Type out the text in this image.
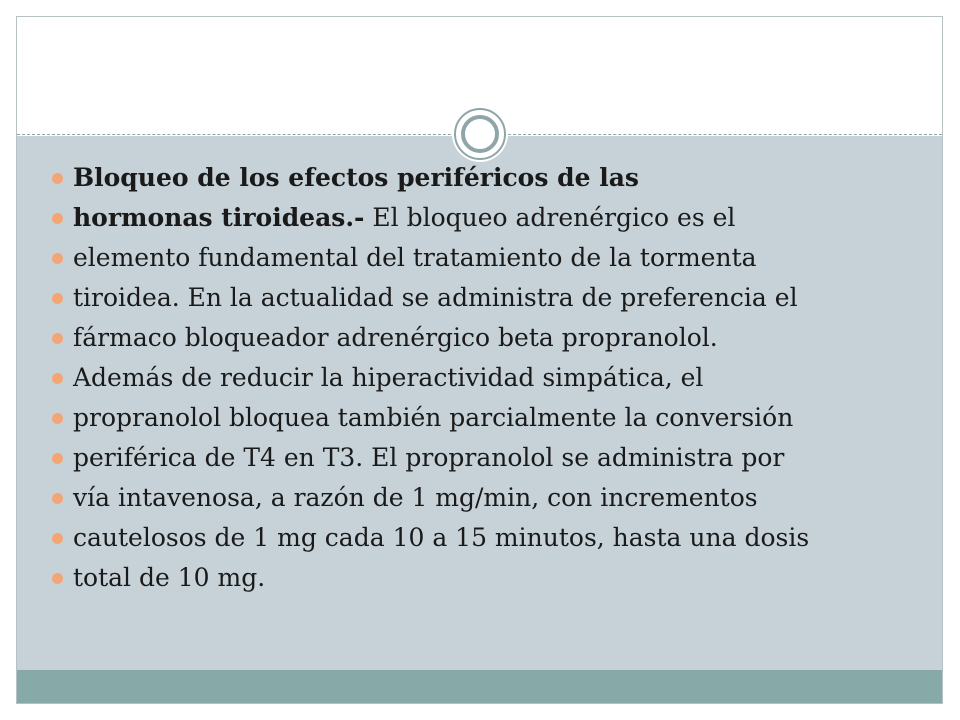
Bloqueo de los efectos periféricos de las
hormonas tiroideas.- El bloqueo adrenérgico es el
elemento fundamental del tratamiento de la tormenta
tiroidea. En la actualidad se administra de preferencia el
fármaco bloqueador adrenérgico beta propranolol.
Además de reducir la hiperactividad simpática, el
propranolol bloquea también parcialmente la conversión
periférica de T4 en T3. El propranolol se administra por
vía intavenosa, a razón de 1 mg/min, con incrementos
cautelosos de 1 mg cada 10 a 15 minutos, hasta una dosis
total de 10 mg.
